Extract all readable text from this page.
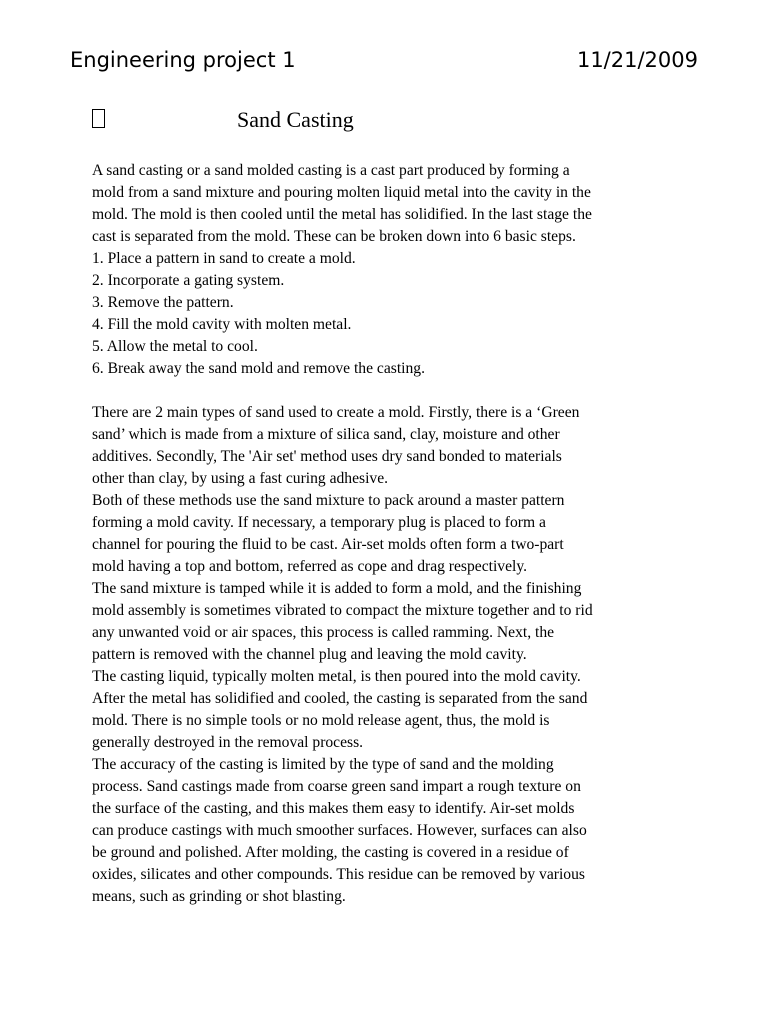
Engineering project 1	11/21/2009
Sand Casting
A sand casting or a sand molded casting is a cast part produced by forming a
mold from a sand mixture and pouring molten liquid metal into the cavity in the
mold. The mold is then cooled until the metal has solidified. In the last stage the
cast is separated from the mold. These can be broken down into 6 basic steps.
1. Place a pattern in sand to create a mold.
2. Incorporate a gating system.
3. Remove the pattern.
4. Fill the mold cavity with molten metal.
5. Allow the metal to cool.
6. Break away the sand mold and remove the casting.
There are 2 main types of sand used to create a mold. Firstly, there is a ‘Green
sand’ which is made from a mixture of silica sand, clay, moisture and other
additives. Secondly, The 'Air set' method uses dry sand bonded to materials
other than clay, by using a fast curing adhesive.
Both of these methods use the sand mixture to pack around a master pattern
forming a mold cavity. If necessary, a temporary plug is placed to form a
channel for pouring the fluid to be cast. Air-set molds often form a two-part
mold having a top and bottom, referred as cope and drag respectively.
The sand mixture is tamped while it is added to form a mold, and the finishing
mold assembly is sometimes vibrated to compact the mixture together and to rid
any unwanted void or air spaces, this process is called ramming. Next, the
pattern is removed with the channel plug and leaving the mold cavity.
The casting liquid, typically molten metal, is then poured into the mold cavity.
After the metal has solidified and cooled, the casting is separated from the sand
mold. There is no simple tools or no mold release agent, thus, the mold is
generally destroyed in the removal process.
The accuracy of the casting is limited by the type of sand and the molding
process. Sand castings made from coarse green sand impart a rough texture on
the surface of the casting, and this makes them easy to identify. Air-set molds
can produce castings with much smoother surfaces. However, surfaces can also
be ground and polished. After molding, the casting is covered in a residue of
oxides, silicates and other compounds. This residue can be removed by various
means, such as grinding or shot blasting.
